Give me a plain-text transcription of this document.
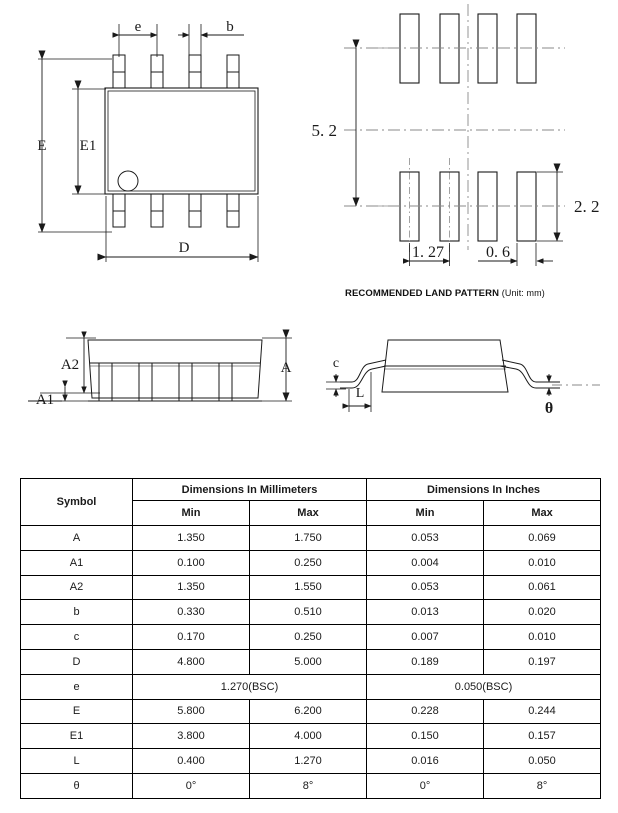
e	b
E E1
D
5. 2
2. 2
1. 27	0. 6
A2
A1
A	c
L
θ
RECOMMENDED LAND PATTERN (Unit: mm)
Symbol	Dimensions In Millimeters		Dimensions In Inches	
	Min	Max	Min	Max
A	1.350	1.750	0.053	0.069
A1	0.100	0.250	0.004	0.010
A2	1.350	1.550	0.053	0.061
b	0.330	0.510	0.013	0.020
c	0.170	0.250	0.007	0.010
D	4.800	5.000	0.189	0.197
e	1.270(BSC)		0.050(BSC)	
E	5.800	6.200	0.228	0.244
E1	3.800	4.000	0.150	0.157
L	0.400	1.270	0.016	0.050
θ	0°	8°	0°	8°
